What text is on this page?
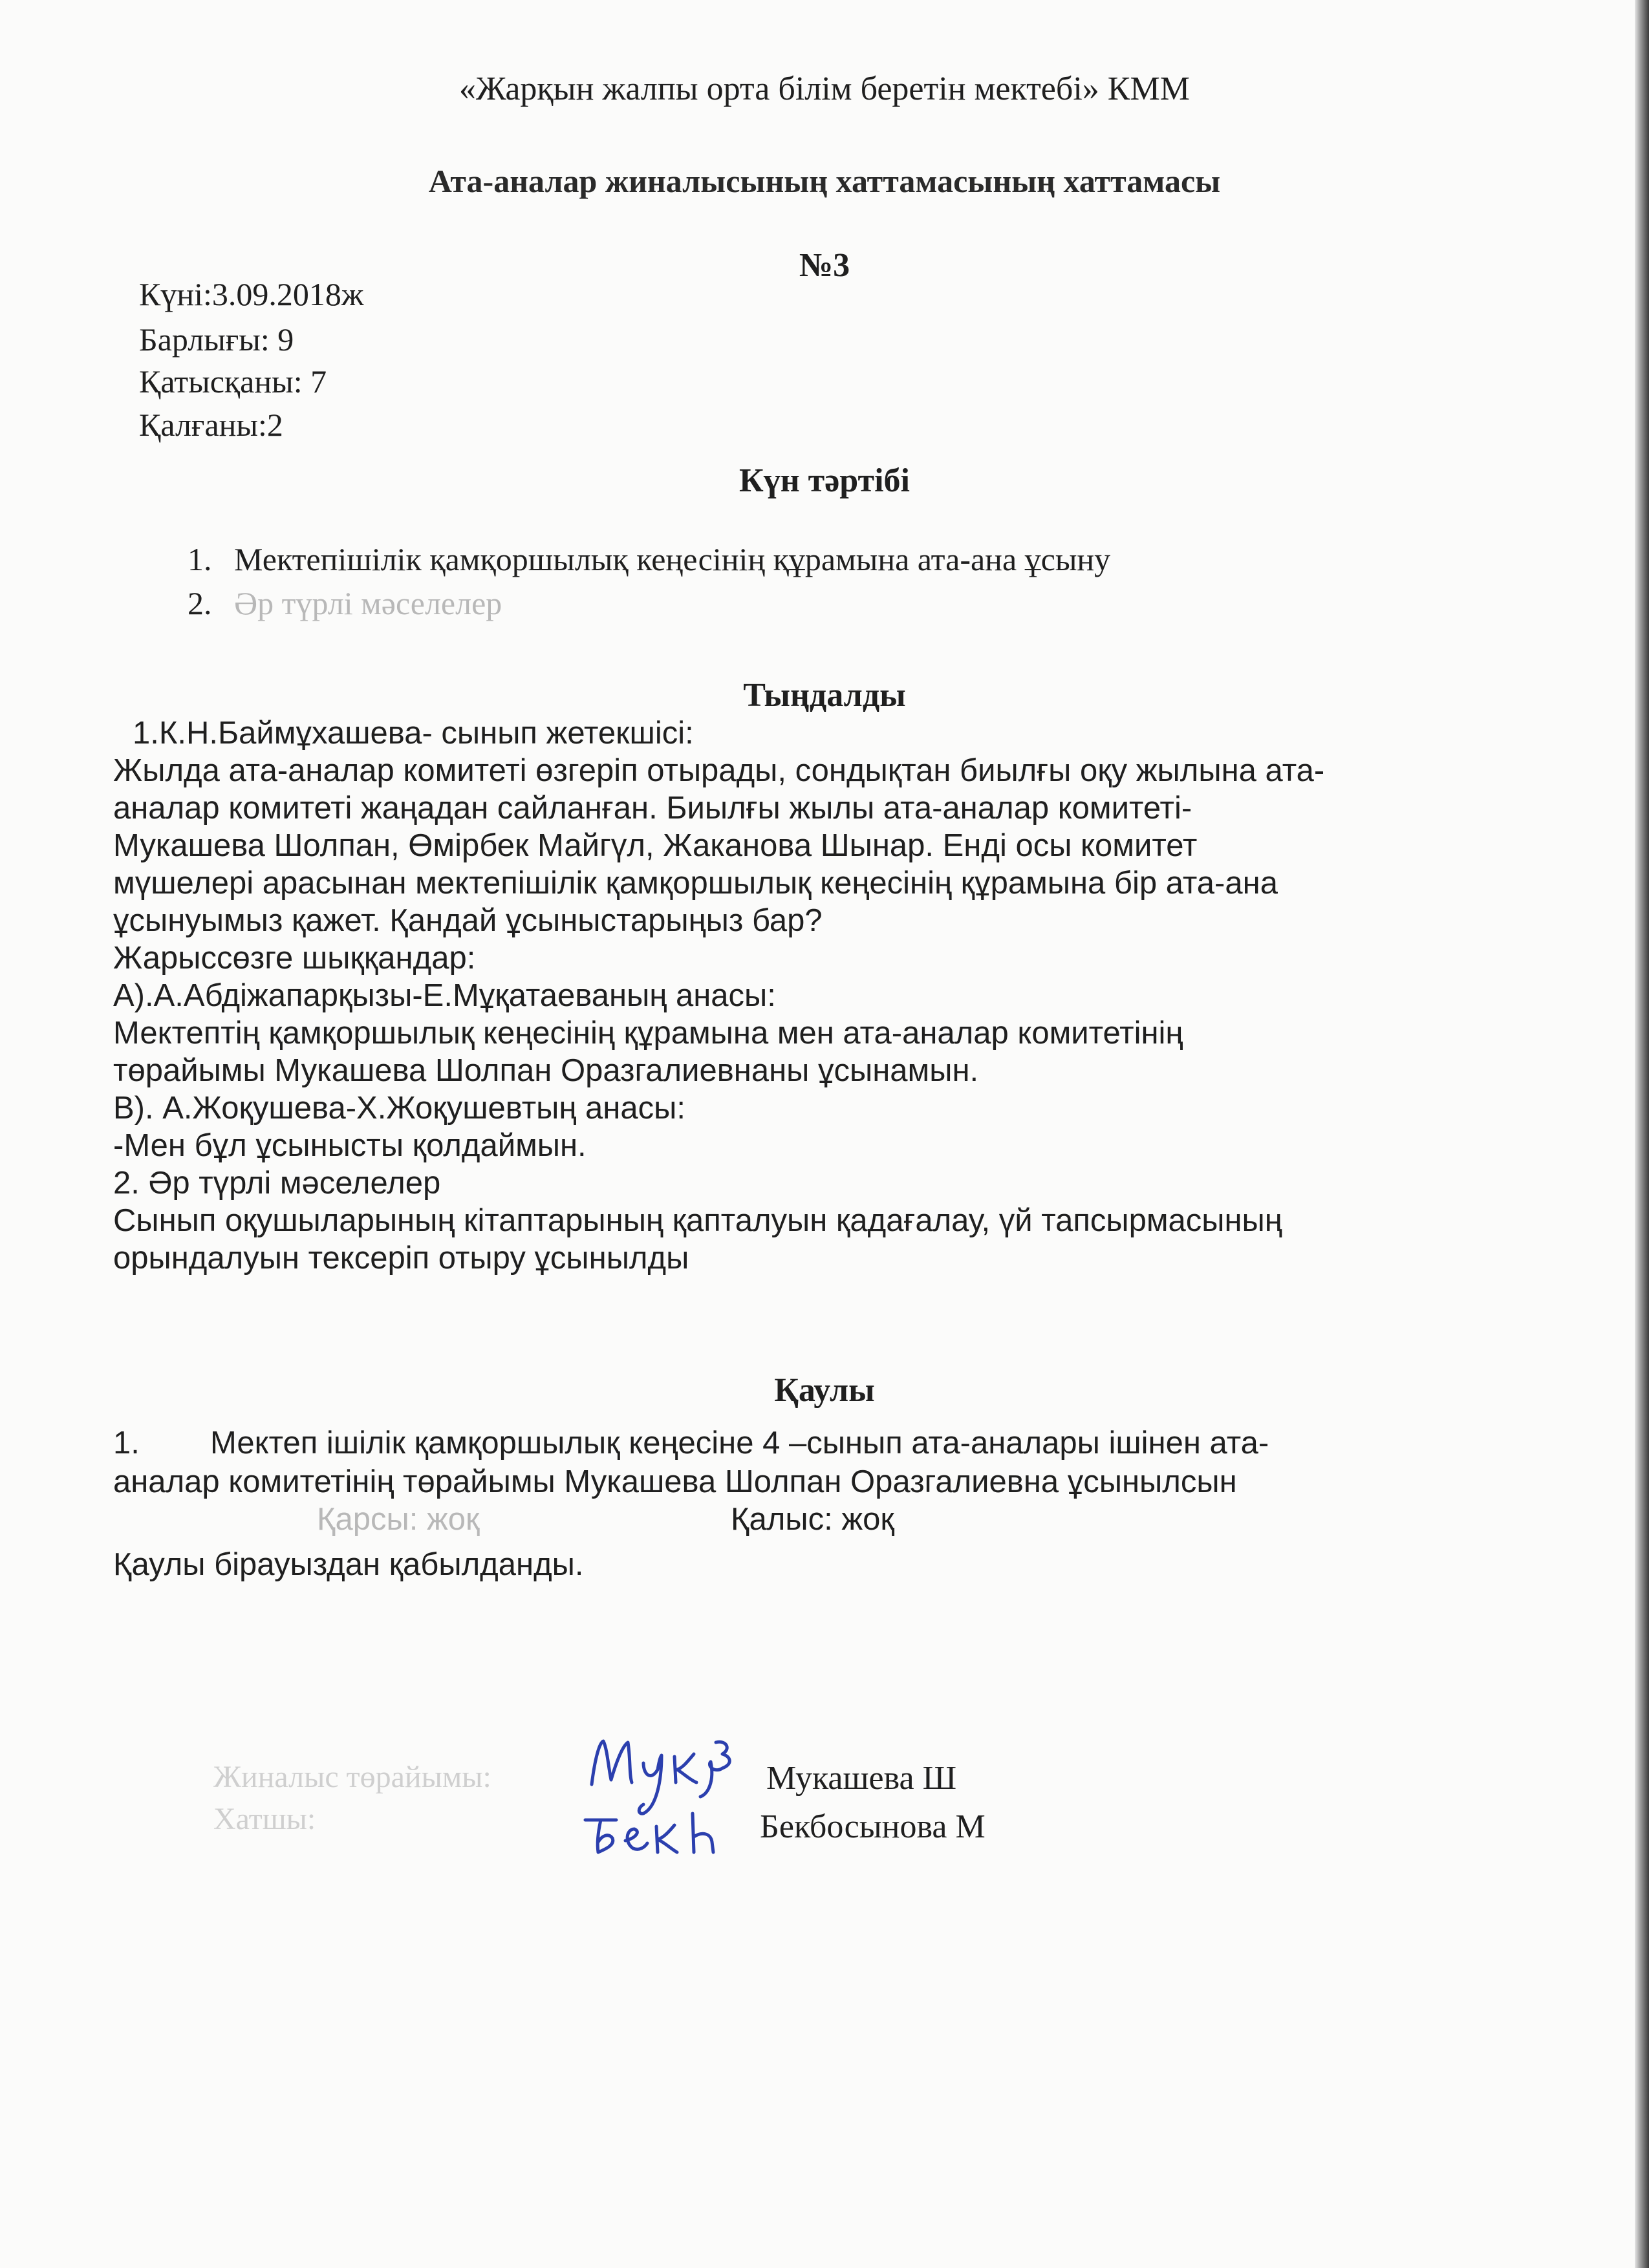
«Жарқын жалпы орта білім беретін мектебі» КММ
Ата-аналар жиналысының хаттамасының хаттамасы
№3
Күні:3.09.2018ж
Барлығы: 9
Қатысқаны: 7
Қалғаны:2
Күн тәртібі
1. Мектепішілік қамқоршылық кеңесінің құрамына ата-ана ұсыну
2. Әр түрлі мәселелер
Тыңдалды
1.К.Н.Баймұхашева- сынып жетекшісі:
Жылда ата-аналар комитеті өзгеріп отырады, сондықтан биылғы оқу жылына ата-
аналар комитеті жаңадан сайланған. Биылғы жылы ата-аналар комитеті-
Мукашева Шолпан, Өмірбек Майгүл, Жаканова Шынар. Енді осы комитет
мүшелері арасынан мектепішілік қамқоршылық кеңесінің құрамына бір ата-ана
ұсынуымыз қажет. Қандай ұсыныстарыңыз бар?
Жарыссөзге шыққандар:
А).А.Абдіжапарқызы-Е.Мұқатаеваның анасы:
Мектептің қамқоршылық кеңесінің құрамына мен ата-аналар комитетінің
төрайымы Мукашева Шолпан Оразгалиевнаны ұсынамын.
В). А.Жоқушева-Х.Жоқушевтың анасы:
-Мен бұл ұсынысты қолдаймын.
2. Әр түрлі мәселелер
Сынып оқушыларының кітаптарының қапталуын қадағалау, үй тапсырмасының
орындалуын тексеріп отыру ұсынылды
Қаулы
1. Мектеп ішілік қамқоршылық кеңесіне 4 –сынып ата-аналары ішінен ата-
аналар комитетінің төрайымы Мукашева Шолпан Оразгалиевна ұсынылсын
Қарсы: жоқ	Қалыс: жоқ
Қаулы бірауыздан қабылданды.
Жиналыс төрайымы:	Мукашева Ш
Хатшы:	Бекбосынова М
